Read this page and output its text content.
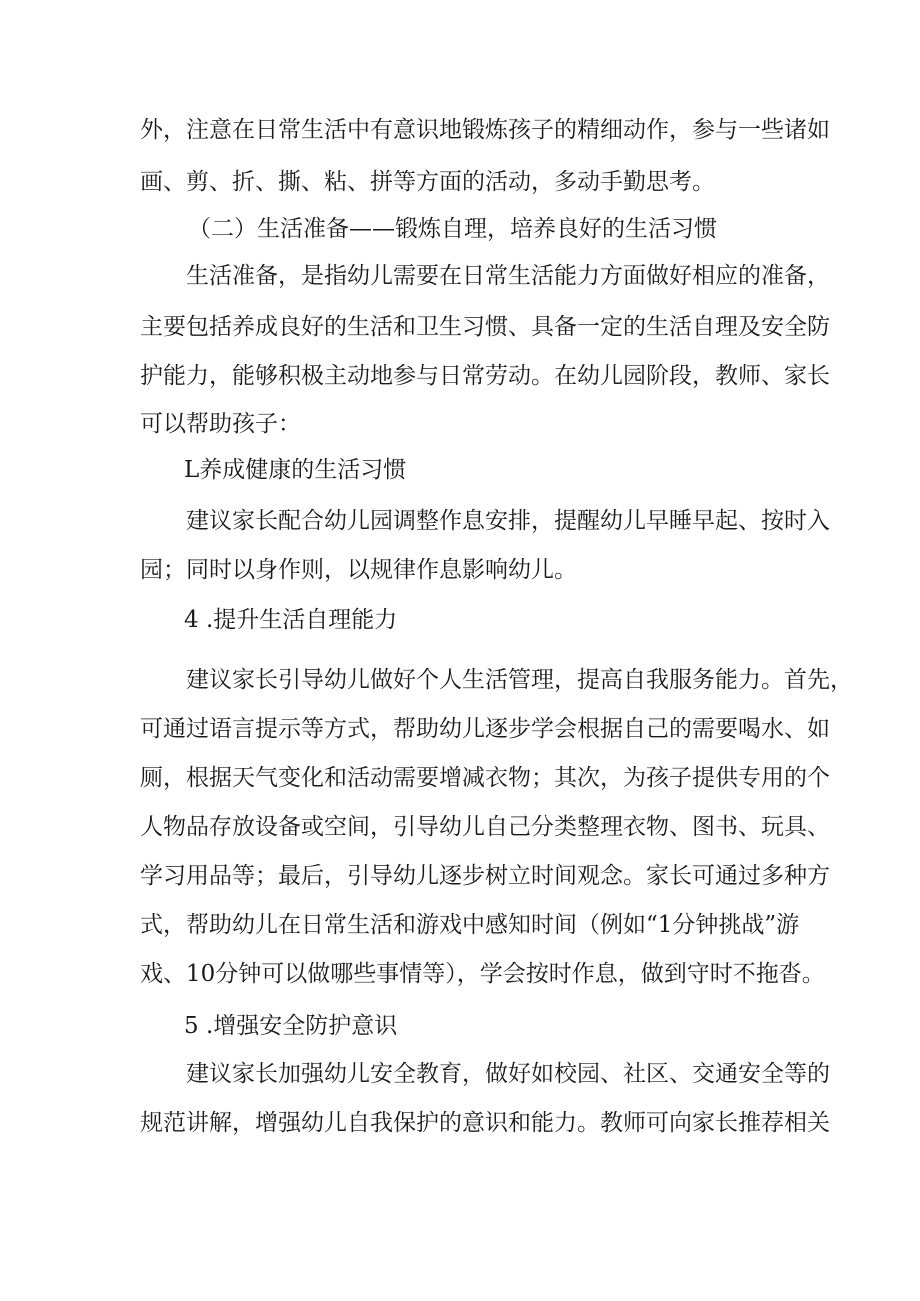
外，注意在日常生活中有意识地锻炼孩子的精细动作，参与一些诸如
画、剪、折、撕、粘、拼等方面的活动，多动手勤思考。
（二）生活准备——锻炼自理，培养良好的生活习惯
生活准备，是指幼儿需要在日常生活能力方面做好相应的准备，
主要包括养成良好的生活和卫生习惯、具备一定的生活自理及安全防
护能力，能够积极主动地参与日常劳动。在幼儿园阶段，教师、家长
可以帮助孩子：
L养成健康的生活习惯
建议家长配合幼儿园调整作息安排，提醒幼儿早睡早起、按时入
园；同时以身作则，以规律作息影响幼儿。
4 .提升生活自理能力
建议家长引导幼儿做好个人生活管理，提高自我服务能力。首先，
可通过语言提示等方式，帮助幼儿逐步学会根据自己的需要喝水、如
厕，根据天气变化和活动需要增减衣物；其次，为孩子提供专用的个
人物品存放设备或空间，引导幼儿自己分类整理衣物、图书、玩具、
学习用品等；最后，引导幼儿逐步树立时间观念。家长可通过多种方
式，帮助幼儿在日常生活和游戏中感知时间（例如“1分钟挑战”游
戏、10分钟可以做哪些事情等），学会按时作息，做到守时不拖沓。
5 .增强安全防护意识
建议家长加强幼儿安全教育，做好如校园、社区、交通安全等的
规范讲解，增强幼儿自我保护的意识和能力。教师可向家长推荐相关
